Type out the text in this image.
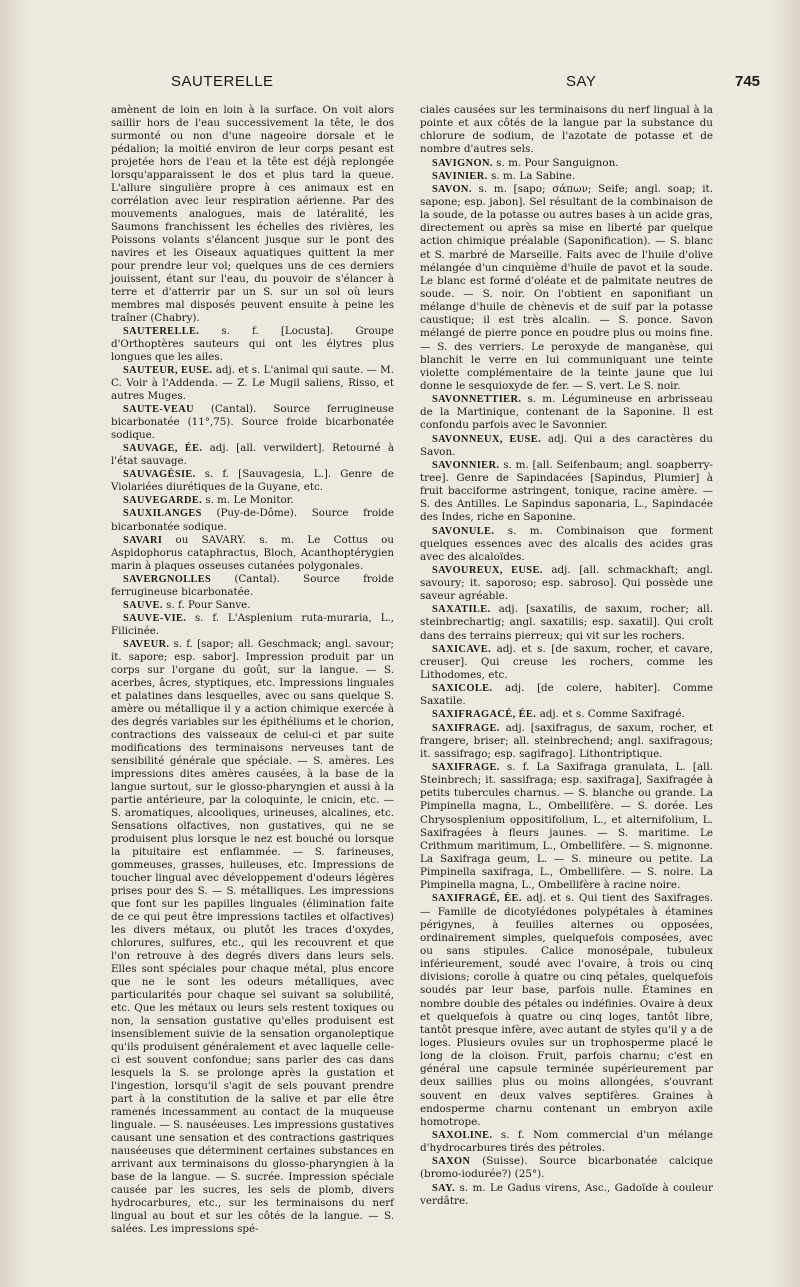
SAUTERELLE	SAY	745

amènent de loin en loin à la surface. On voit alors saillir hors de l'eau successivement la tête, le dos surmonté ou non d'une nageoire dorsale et le pédalion; la moitié environ de leur corps pesant est projetée hors de l'eau et la tête est déjà replongée lorsqu'apparaissent le dos et plus tard la queue. L'allure singulière propre à ces animaux est en corrélation avec leur respiration aérienne. Par des mouvements analogues, mais de latéralité, les Saumons franchissent les échelles des rivières, les Poissons volants s'élancent jusque sur le pont des navires et les Oiseaux aquatiques quittent la mer pour prendre leur vol; quelques uns de ces derniers jouissent, étant sur l'eau, du pouvoir de s'élancer à terre et d'atterrir par un S. sur un sol où leurs membres mal disposés peuvent ensuite à peine les traîner (Chabry).

SAUTERELLE. s. f. [Locusta]. Groupe d'Orthoptères sauteurs qui ont les élytres plus longues que les ailes.

SAUTEUR, EUSE. adj. et s. L'animal qui saute. — M. C. Voir à l'Addenda. — Z. Le Mugil saliens, Risso, et autres Muges.

SAUTE-VEAU (Cantal). Source ferrugineuse bicarbonatée (11°,75). Source froide bicarbonatée sodique.

SAUVAGE, ÉE. adj. [all. verwildert]. Retourné à l'état sauvage.

SAUVAGÉSIE. s. f. [Sauvagesia, L.]. Genre de Violariées diurétiques de la Guyane, etc.

SAUVEGARDE. s. m. Le Monitor.

SAUXILANGES (Puy-de-Dôme). Source froide bicarbonatée sodique.

SAVARI ou SAVARY. s. m. Le Cottus ou Aspidophorus cataphractus, Bloch, Acanthoptérygien marin à plaques osseuses cutanées polygonales.

SAVERGNOLLES (Cantal). Source froide ferrugineuse bicarbonatée.

SAUVE. s. f. Pour Sanve.

SAUVE-VIE. s. f. L'Asplenium ruta-muraria, L., Filicinée.

SAVEUR. s. f. [sapor; all. Geschmack; angl. savour; it. sapore; esp. sabor]. Impression produit par un corps sur l'organe du goût, sur la langue. — S. acerbes, âcres, styptiques, etc. Impressions linguales et palatines dans lesquelles, avec ou sans quelque S. amère ou métallique il y a action chimique exercée à des degrés variables sur les épithéliums et le chorion, contractions des vaisseaux de celui-ci et par suite modifications des terminaisons nerveuses tant de sensibilité générale que spéciale. — S. amères. Les impressions dites amères causées, à la base de la langue surtout, sur le glosso-pharyngien et aussi à la partie antérieure, par la coloquinte, le cnicin, etc. — S. aromatiques, alcooliques, urineuses, alcalines, etc. Sensations olfactives, non gustatives, qui ne se produisent plus lorsque le nez est bouché ou lorsque la pituitaire est enflammée. — S. farineuses, gommeuses, grasses, huileuses, etc. Impressions de toucher lingual avec développement d'odeurs légères prises pour des S. — S. métalliques. Les impressions que font sur les papilles linguales (élimination faite de ce qui peut être impressions tactiles et olfactives) les divers métaux, ou plutôt les traces d'oxydes, chlorures, sulfures, etc., qui les recouvrent et que l'on retrouve à des degrés divers dans leurs sels. Elles sont spéciales pour chaque métal, plus encore que ne le sont les odeurs métalliques, avec particularités pour chaque sel suivant sa solubilité, etc. Que les métaux ou leurs sels restent toxiques ou non, la sensation gustative qu'elles produisent est insensiblement suivie de la sensation organoleptique qu'ils produisent généralement et avec laquelle celle-ci est souvent confondue; sans parler des cas dans lesquels la S. se prolonge après la gustation et l'ingestion, lorsqu'il s'agit de sels pouvant prendre part à la constitution de la salive et par elle être ramenés incessamment au contact de la muqueuse linguale. — S. nauséeuses. Les impressions gustatives causant une sensation et des contractions gastriques nauséeuses que déterminent certaines substances en arrivant aux terminaisons du glosso-pharyngien à la base de la langue. — S. sucrée. Impression spéciale causée par les sucres, les sels de plomb, divers hydrocarbures, etc., sur les terminaisons du nerf lingual au bout et sur les côtés de la langue. — S. salées. Les impressions spé-

ciales causées sur les terminaisons du nerf lingual à la pointe et aux côtés de la langue par la substance du chlorure de sodium, de l'azotate de potasse et de nombre d'autres sels.

SAVIGNON. s. m. Pour Sanguignon.

SAVINIER. s. m. La Sabine.

SAVON. s. m. [sapo; σάπων; Seife; angl. soap; it. sapone; esp. jabon]. Sel résultant de la combinaison de la soude, de la potasse ou autres bases à un acide gras, directement ou après sa mise en liberté par quelque action chimique préalable (Saponification). — S. blanc et S. marbré de Marseille. Faits avec de l'huile d'olive mélangée d'un cinquième d'huile de pavot et la soude. Le blanc est formé d'oléate et de palmitate neutres de soude. — S. noir. On l'obtient en saponifiant un mélange d'huile de chènevis et de suif par la potasse caustique; il est très alcalin. — S. ponce. Savon mélangé de pierre ponce en poudre plus ou moins fine. — S. des verriers. Le peroxyde de manganèse, qui blanchit le verre en lui communiquant une teinte violette complémentaire de la teinte jaune que lui donne le sesquioxyde de fer. — S. vert. Le S. noir.

SAVONNETTIER. s. m. Légumineuse en arbrisseau de la Martinique, contenant de la Saponine. Il est confondu parfois avec le Savonnier.

SAVONNEUX, EUSE. adj. Qui a des caractères du Savon.

SAVONNIER. s. m. [all. Seifenbaum; angl. soapberry-tree]. Genre de Sapindacées [Sapindus, Plumier] à fruit bacciforme astringent, tonique, racine amère. — S. des Antilles. Le Sapindus saponaria, L., Sapindacée des Indes, riche en Saponine.

SAVONULE. s. m. Combinaison que forment quelques essences avec des alcalis des acides gras avec des alcaloïdes.

SAVOUREUX, EUSE. adj. [all. schmackhaft; angl. savoury; it. saporoso; esp. sabroso]. Qui possède une saveur agréable.

SAXATILE. adj. [saxatilis, de saxum, rocher; all. steinbrechartig; angl. saxatilis; esp. saxatil]. Qui croît dans des terrains pierreux; qui vit sur les rochers.

SAXICAVE. adj. et s. [de saxum, rocher, et cavare, creuser]. Qui creuse les rochers, comme les Lithodomes, etc.

SAXICOLE. adj. [de colere, habiter]. Comme Saxatile.

SAXIFRAGACÉ, ÉE. adj. et s. Comme Saxifragé.

SAXIFRAGE. adj. [saxifragus, de saxum, rocher, et frangere, briser; all. steinbrechend; angl. saxifragous; it. sassifrago; esp. sagifrago]. Lithontriptique.

SAXIFRAGE. s. f. La Saxifraga granulata, L. [all. Steinbrech; it. sassifraga; esp. saxifraga], Saxifragée à petits tubercules charnus. — S. blanche ou grande. La Pimpinella magna, L., Ombellifère. — S. dorée. Les Chrysosplenium oppositifolium, L., et alternifolium, L. Saxifragées à fleurs jaunes. — S. maritime. Le Crithmum maritimum, L., Ombellifère. — S. mignonne. La Saxifraga geum, L. — S. mineure ou petite. La Pimpinella saxifraga, L., Ombellifère. — S. noire. La Pimpinella magna, L., Ombellifère à racine noire.

SAXIFRAGÉ, ÉE. adj. et s. Qui tient des Saxifrages. — Famille de dicotylédones polypétales à étamines périgynes, à feuilles alternes ou opposées, ordinairement simples, quelquefois composées, avec ou sans stipules. Calice monosépale, tubuleux inférieurement, soudé avec l'ovaire, à trois ou cinq divisions; corolle à quatre ou cinq pétales, quelquefois soudés par leur base, parfois nulle. Étamines en nombre double des pétales ou indéfinies. Ovaire à deux et quelquefois à quatre ou cinq loges, tantôt libre, tantôt presque infère, avec autant de styles qu'il y a de loges. Plusieurs ovules sur un trophosperme placé le long de la cloison. Fruit, parfois charnu; c'est en général une capsule terminée supérieurement par deux saillies plus ou moins allongées, s'ouvrant souvent en deux valves septifères. Graines à endosperme charnu contenant un embryon axile homotrope.

SAXOLINE. s. f. Nom commercial d'un mélange d'hydrocarbures tirés des pétroles.

SAXON (Suisse). Source bicarbonatée calcique (bromo-iodurée?) (25°).

SAY. s. m. Le Gadus virens, Asc., Gadoïde à couleur verdâtre.
